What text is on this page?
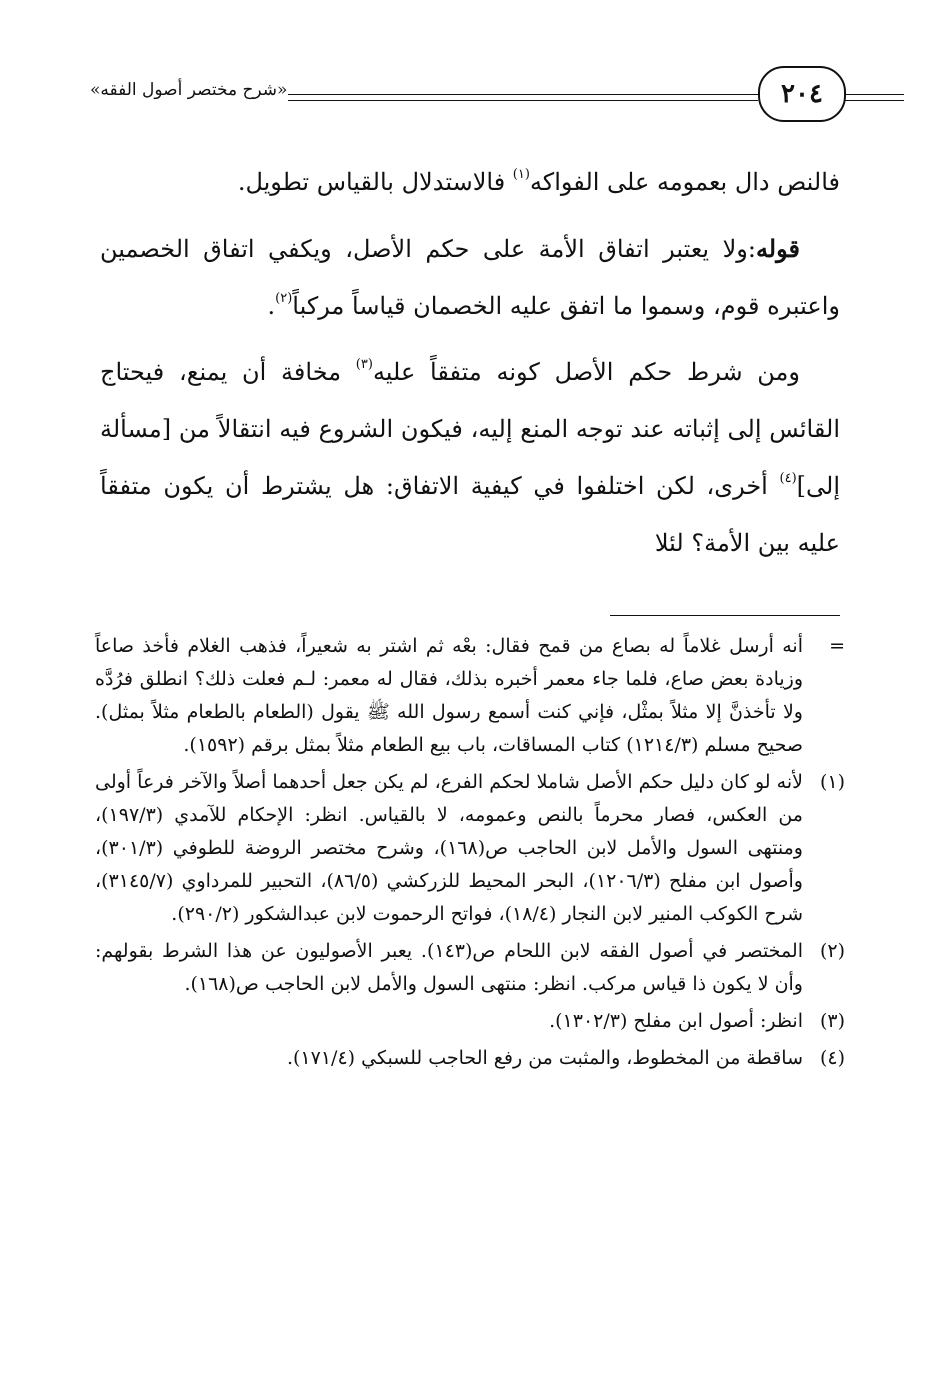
«شرح مختصر أصول الفقه»	٢٠٤

فالنص دال بعمومه على الفواكه$^{(١)}$ فالاستدلال بالقياس تطويل.

قوله:ولا يعتبر اتفاق الأمة على حكم الأصل، ويكفي اتفاق الخصمين واعتبره قوم، وسموا ما اتفق عليه الخصمان قياساً مركباً$^{(٢)}$.

ومن شرط حكم الأصل كونه متفقاً عليه$^{(٣)}$ مخافة أن يمنع، فيحتاج القائس إلى إثباته عند توجه المنع إليه، فيكون الشروع فيه انتقالاً من [مسألة إلى]$^{(٤)}$ أخرى، لكن اختلفوا في كيفية الاتفاق: هل يشترط أن يكون متفقاً عليه بين الأمة؟ لئلا

=
أنه أرسل غلاماً له بصاع من قمح فقال: بعْه ثم اشتر به شعيراً، فذهب الغلام فأخذ صاعاً وزيادة بعض صاع، فلما جاء معمر أخبره بذلك، فقال له معمر: لـم فعلت ذلك؟ انطلق فرُدَّه ولا تأخذنَّ إلا مثلاً بمثْل، فإني كنت أسمع رسول الله ﷺ يقول (الطعام بالطعام مثلاً بمثل). صحيح مسلم (١٢١٤/٣) كتاب المساقات، باب بيع الطعام مثلاً بمثل برقم (١٥٩٢).
(١)
لأنه لو كان دليل حكم الأصل شاملا لحكم الفرع، لم يكن جعل أحدهما أصلاً والآخر فرعاً أولى من العكس، فصار محرماً بالنص وعمومه، لا بالقياس. انظر: الإحكام للآمدي (١٩٧/٣)، ومنتهى السول والأمل لابن الحاجب ص(١٦٨)، وشرح مختصر الروضة للطوفي (٣٠١/٣)، وأصول ابن مفلح (١٢٠٦/٣)، البحر المحيط للزركشي (٨٦/٥)، التحبير للمرداوي (٣١٤٥/٧)، شرح الكوكب المنير لابن النجار (١٨/٤)، فواتح الرحموت لابن عبدالشكور (٢٩٠/٢).
(٢)
المختصر في أصول الفقه لابن اللحام ص(١٤٣). يعبر الأصوليون عن هذا الشرط بقولهم: وأن لا يكون ذا قياس مركب. انظر: منتهى السول والأمل لابن الحاجب ص(١٦٨).
(٣)
انظر: أصول ابن مفلح (١٣٠٢/٣).
(٤)
ساقطة من المخطوط، والمثبت من رفع الحاجب للسبكي (١٧١/٤).
